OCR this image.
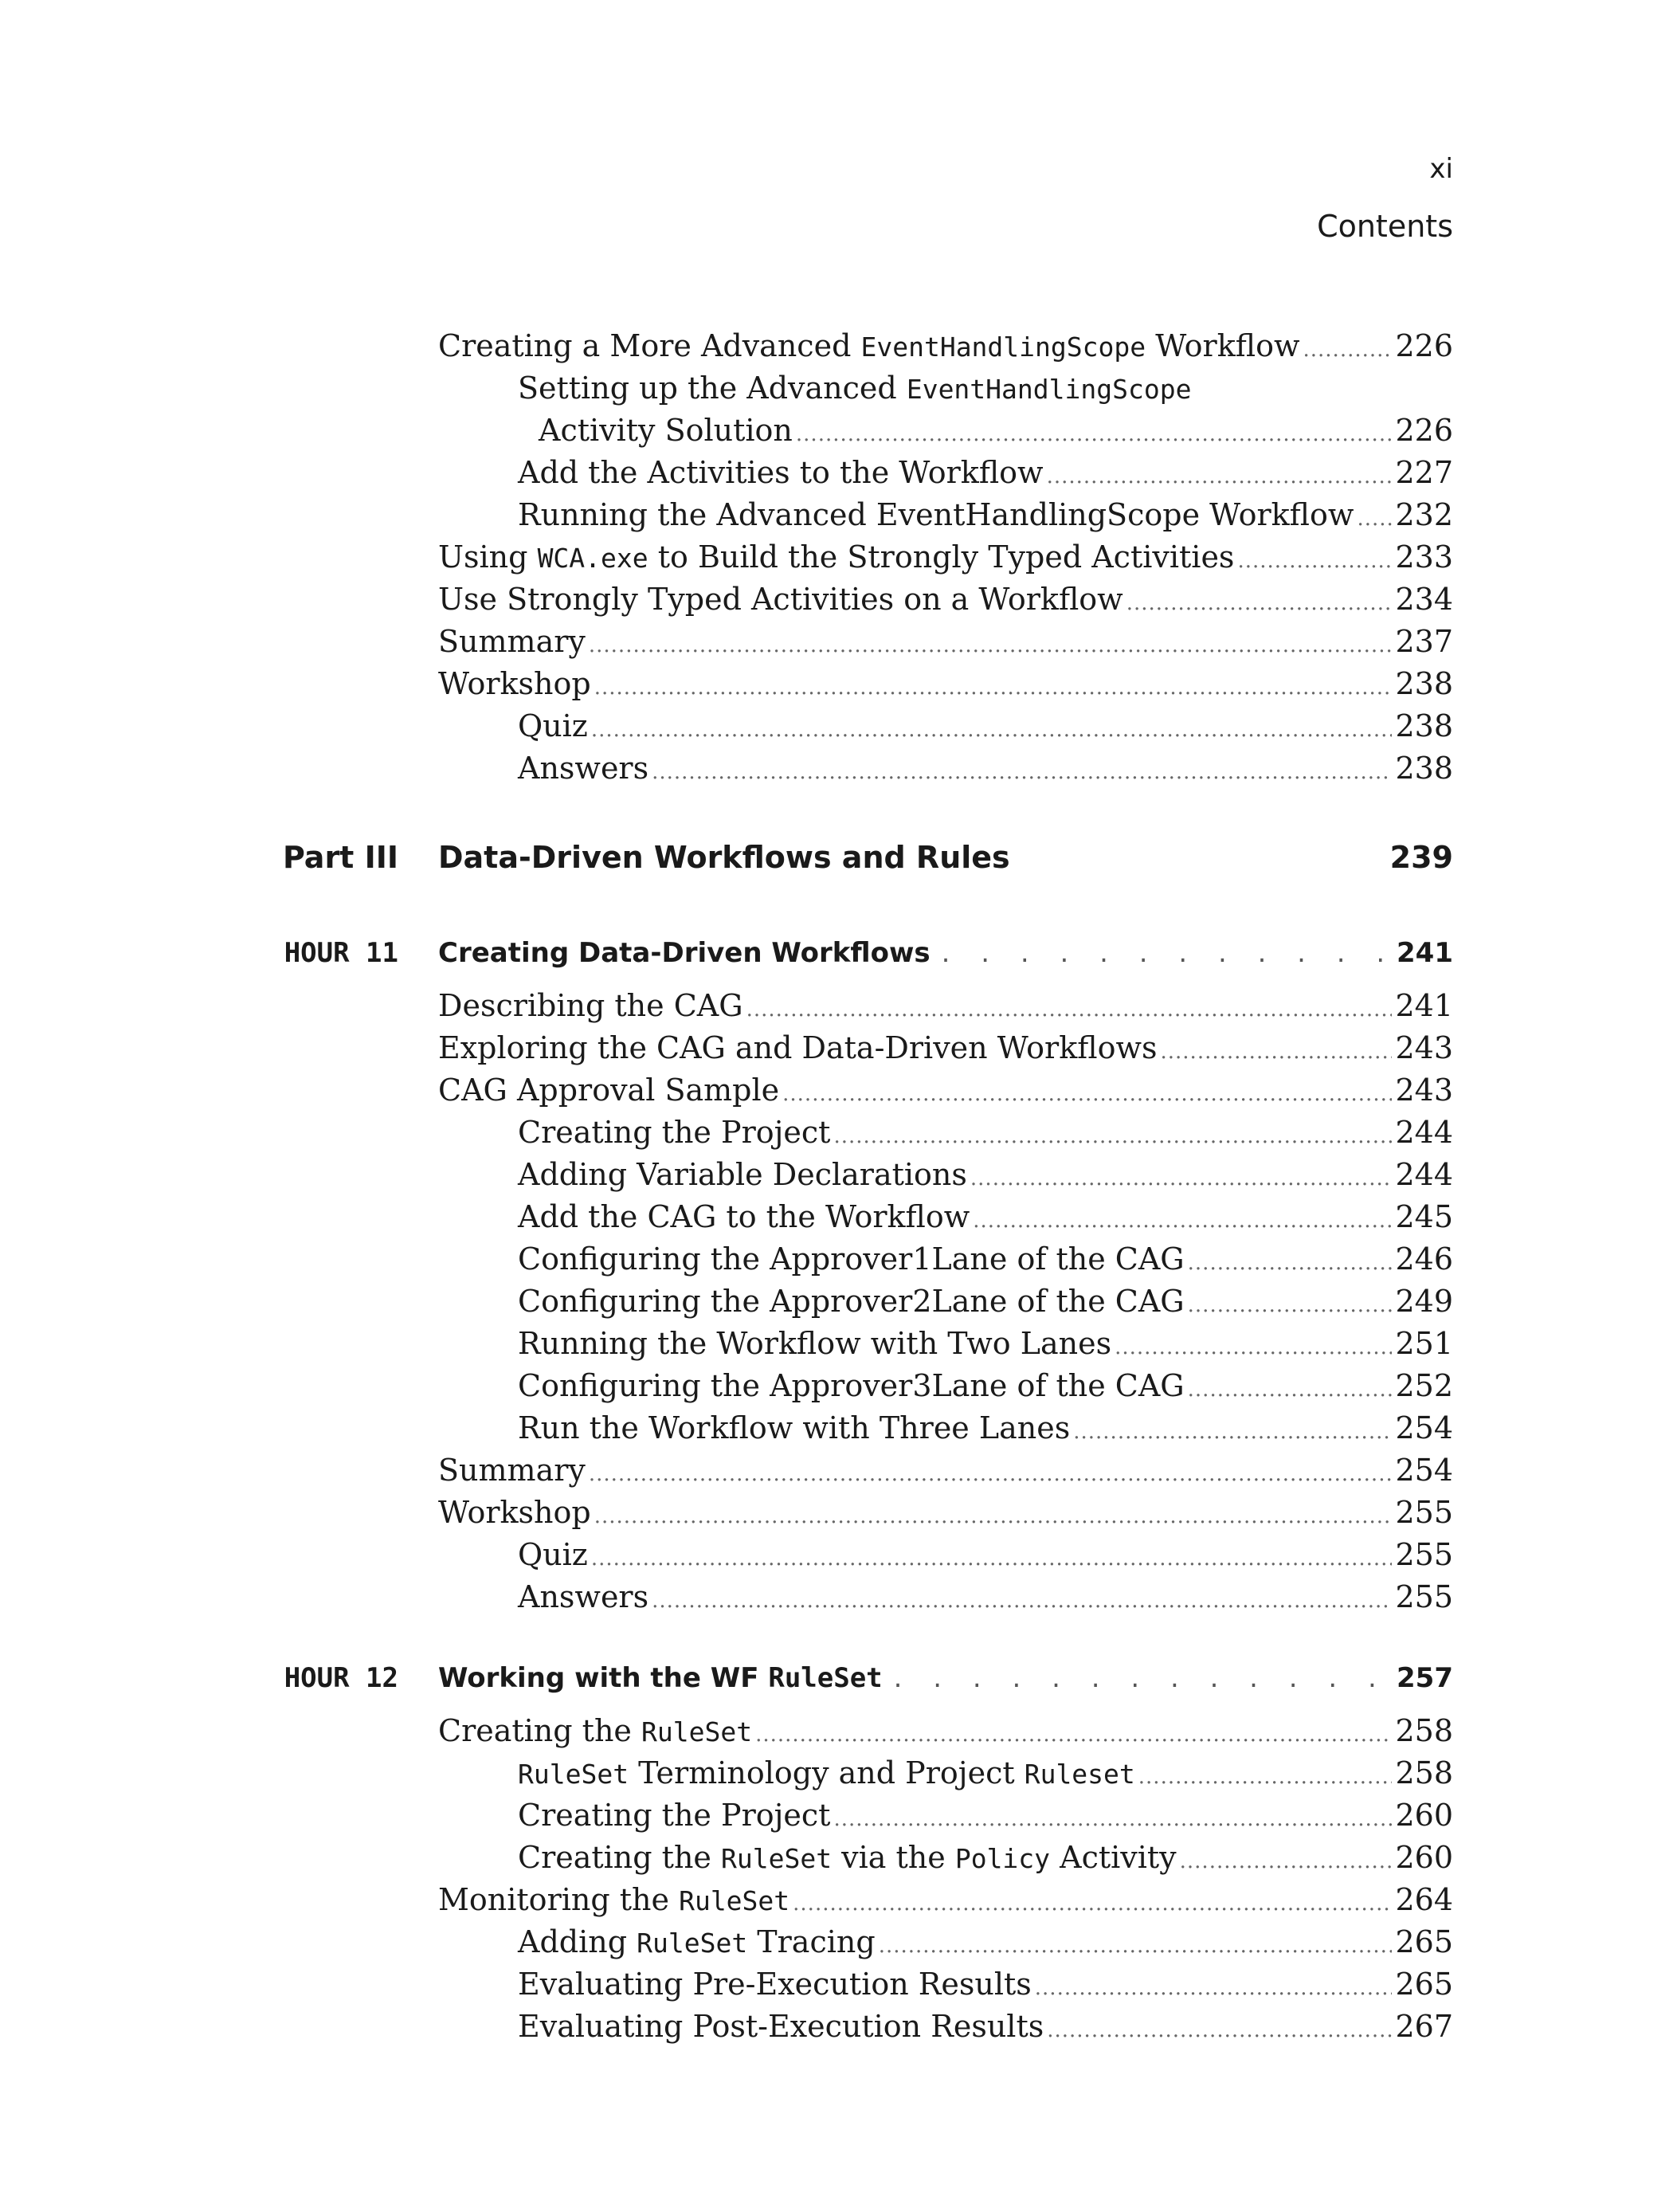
xi
Contents
Creating a More Advanced EventHandlingScope Workflow .....	226
Setting up the Advanced EventHandlingScope
Activity Solution .....	226
Add the Activities to the Workflow .....	227
Running the Advanced EventHandlingScope Workflow ..... 232
Using WCA.exe to Build the Strongly Typed Activities .....	233
Use Strongly Typed Activities on a Workflow .....	234
Summary .....	237
Workshop .....	238
Quiz .....	238
Answers .....	238
Part III Data-Driven Workflows and Rules	239
HOUR 11 Creating Data-Driven Workflows . . .	241
Describing the CAG .....	241
Exploring the CAG and Data-Driven Workflows .....	243
CAG Approval Sample .....	243
Creating the Project .....	244
Adding Variable Declarations .....	244
Add the CAG to the Workflow .....	245
Configuring the Approver1Lane of the CAG .....	246
Configuring the Approver2Lane of the CAG .....	249
Running the Workflow with Two Lanes .....	251
Configuring the Approver3Lane of the CAG .....	252
Run the Workflow with Three Lanes .....	254
Summary .....	254
Workshop .....	255
Quiz .....	255
Answers .....	255
HOUR 12 Working with the WF RuleSet . . .	257
Creating the RuleSet .....	258
RuleSet Terminology and Project Ruleset .....	258
Creating the Project .....	260
Creating the RuleSet via the Policy Activity .....	260
Monitoring the RuleSet .....	264
Adding RuleSet Tracing .....	265
Evaluating Pre-Execution Results .....	265
Evaluating Post-Execution Results .....	267
